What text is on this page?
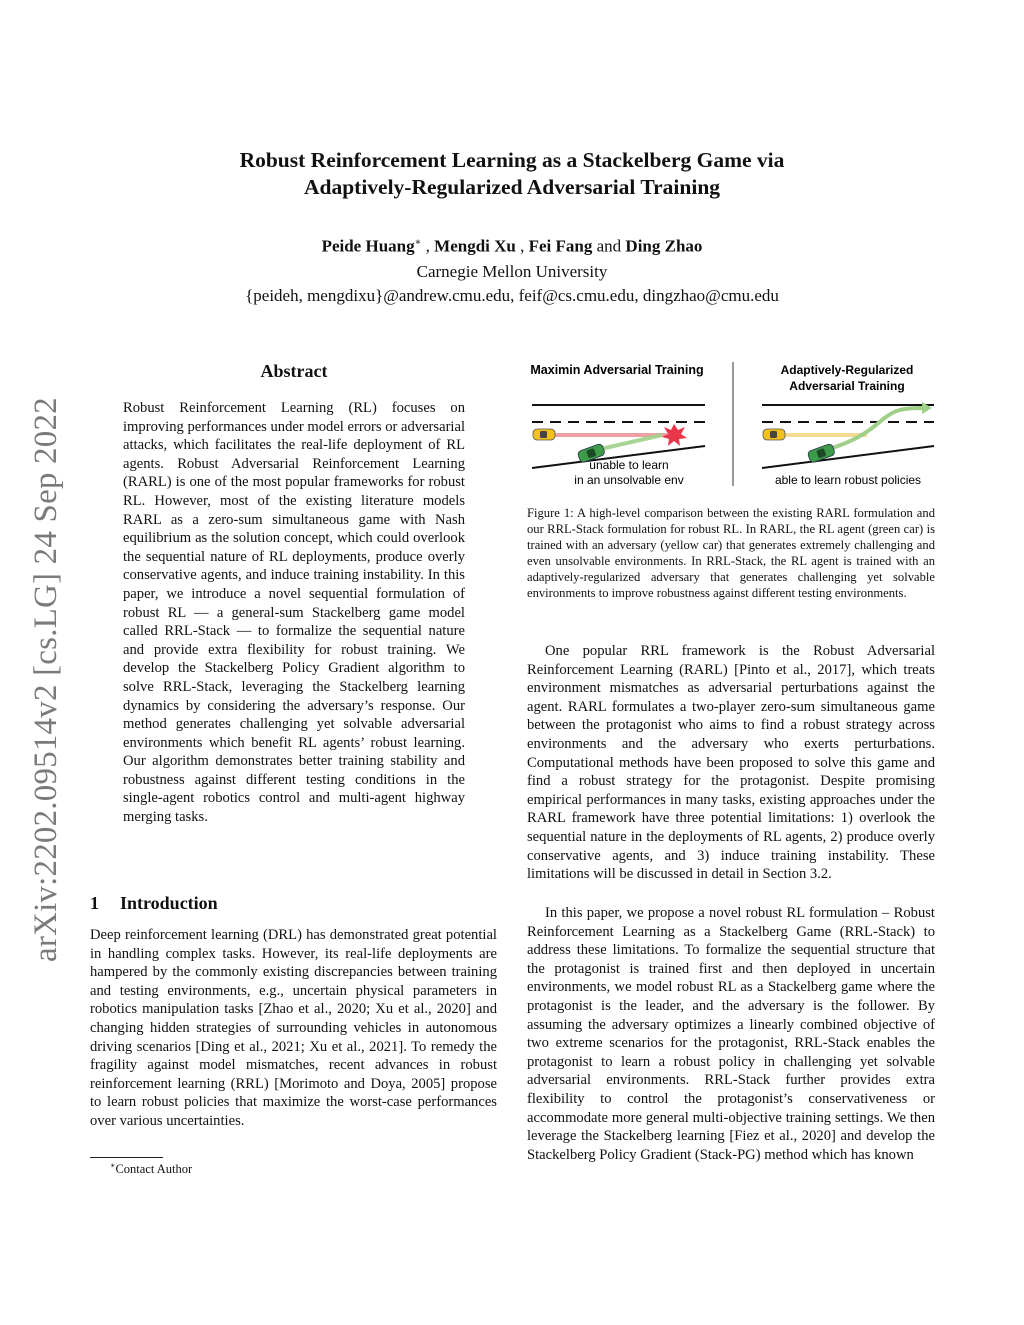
Robust Reinforcement Learning as a Stackelberg Game via
Adaptively-Regularized Adversarial Training
Peide Huang∗ , Mengdi Xu , Fei Fang and Ding Zhao
Carnegie Mellon University
{peideh, mengdixu}@andrew.cmu.edu, feif@cs.cmu.edu, dingzhao@cmu.edu
arXiv:2202.09514v2 [cs.LG] 24 Sep 2022
Abstract
Robust Reinforcement Learning (RL) focuses on improving performances under model errors or adversarial attacks, which facilitates the real-life deployment of RL agents. Robust Adversarial Reinforcement Learning (RARL) is one of the most popular frameworks for robust RL. However, most of the existing literature models RARL as a zero-sum simultaneous game with Nash equilibrium as the solution concept, which could overlook the sequential nature of RL deployments, produce overly conservative agents, and induce training instability. In this paper, we introduce a novel sequential formulation of robust RL — a general-sum Stackelberg game model called RRL-Stack — to formalize the sequential nature and provide extra flexibility for robust training. We develop the Stackelberg Policy Gradient algorithm to solve RRL-Stack, leveraging the Stackelberg learning dynamics by considering the adversary’s response. Our method generates challenging yet solvable adversarial environments which benefit RL agents’ robust learning. Our algorithm demonstrates better training stability and robustness against different testing conditions in the single-agent robotics control and multi-agent highway merging tasks.
1 Introduction
Deep reinforcement learning (DRL) has demonstrated great potential in handling complex tasks. However, its real-life deployments are hampered by the commonly existing discrepancies between training and testing environments, e.g., uncertain physical parameters in robotics manipulation tasks [Zhao et al., 2020; Xu et al., 2020] and changing hidden strategies of surrounding vehicles in autonomous driving scenarios [Ding et al., 2021; Xu et al., 2021]. To remedy the fragility against model mismatches, recent advances in robust reinforcement learning (RRL) [Morimoto and Doya, 2005] propose to learn robust policies that maximize the worst-case performances over various uncertainties.
∗Contact Author
Maximin Adversarial Training	Adaptively-Regularized
Adversarial Training
unable to learn
in an unsolvable env	able to learn robust policies
Figure 1: A high-level comparison between the existing RARL formulation and our RRL-Stack formulation for robust RL. In RARL, the RL agent (green car) is trained with an adversary (yellow car) that generates extremely challenging and even unsolvable environments. In RRL-Stack, the RL agent is trained with an adaptively-regularized adversary that generates challenging yet solvable environments to improve robustness against different testing environments.

One popular RRL framework is the Robust Adversarial Reinforcement Learning (RARL) [Pinto et al., 2017], which treats environment mismatches as adversarial perturbations against the agent. RARL formulates a two-player zero-sum simultaneous game between the protagonist who aims to find a robust strategy across environments and the adversary who exerts perturbations. Computational methods have been proposed to solve this game and find a robust strategy for the protagonist. Despite promising empirical performances in many tasks, existing approaches under the RARL framework have three potential limitations: 1) overlook the sequential nature in the deployments of RL agents, 2) produce overly conservative agents, and 3) induce training instability. These limitations will be discussed in detail in Section 3.2.

In this paper, we propose a novel robust RL formulation – Robust Reinforcement Learning as a Stackelberg Game (RRL-Stack) to address these limitations. To formalize the sequential structure that the protagonist is trained first and then deployed in uncertain environments, we model robust RL as a Stackelberg game where the protagonist is the leader, and the adversary is the follower. By assuming the adversary optimizes a linearly combined objective of two extreme scenarios for the protagonist, RRL-Stack enables the protagonist to learn a robust policy in challenging yet solvable adversarial environments. RRL-Stack further provides extra flexibility to control the protagonist’s conservativeness or accommodate more general multi-objective training settings. We then leverage the Stackelberg learning [Fiez et al., 2020] and develop the Stackelberg Policy Gradient (Stack-PG) method which has known
